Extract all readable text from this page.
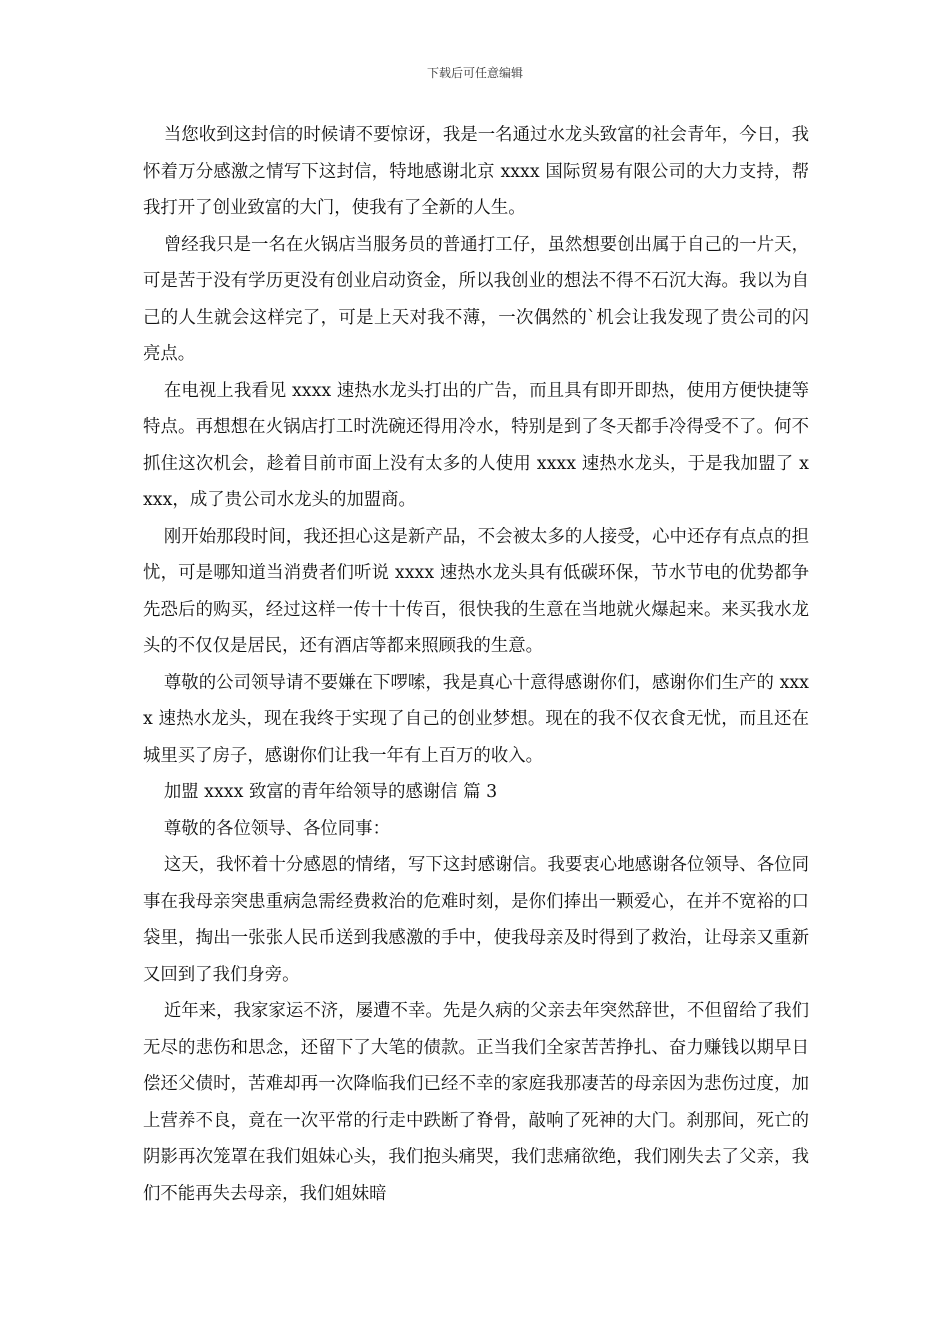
下载后可任意编辑

当您收到这封信的时候请不要惊讶，我是一名通过水龙头致富的社会青年，今日，我怀着万分感激之情写下这封信，特地感谢北京 xxxx 国际贸易有限公司的大力支持，帮我打开了创业致富的大门，使我有了全新的人生。

曾经我只是一名在火锅店当服务员的普通打工仔，虽然想要创出属于自己的一片天，可是苦于没有学历更没有创业启动资金，所以我创业的想法不得不石沉大海。我以为自己的人生就会这样完了，可是上天对我不薄，一次偶然的`机会让我发现了贵公司的闪亮点。

在电视上我看见 xxxx 速热水龙头打出的广告，而且具有即开即热，使用方便快捷等特点。再想想在火锅店打工时洗碗还得用冷水，特别是到了冬天都手冷得受不了。何不抓住这次机会，趁着目前市面上没有太多的人使用 xxxx 速热水龙头，于是我加盟了 xxxx，成了贵公司水龙头的加盟商。

刚开始那段时间，我还担心这是新产品，不会被太多的人接受，心中还存有点点的担忧，可是哪知道当消费者们听说 xxxx 速热水龙头具有低碳环保，节水节电的优势都争先恐后的购买，经过这样一传十十传百，很快我的生意在当地就火爆起来。来买我水龙头的不仅仅是居民，还有酒店等都来照顾我的生意。

尊敬的公司领导请不要嫌在下啰嗦，我是真心十意得感谢你们，感谢你们生产的 xxxx 速热水龙头，现在我终于实现了自己的创业梦想。现在的我不仅衣食无忧，而且还在城里买了房子，感谢你们让我一年有上百万的收入。

加盟 xxxx 致富的青年给领导的感谢信 篇 3

尊敬的各位领导、各位同事：

这天，我怀着十分感恩的情绪，写下这封感谢信。我要衷心地感谢各位领导、各位同事在我母亲突患重病急需经费救治的危难时刻，是你们捧出一颗爱心，在并不宽裕的口袋里，掏出一张张人民币送到我感激的手中，使我母亲及时得到了救治，让母亲又重新又回到了我们身旁。

近年来，我家家运不济，屡遭不幸。先是久病的父亲去年突然辞世，不但留给了我们无尽的悲伤和思念，还留下了大笔的债款。正当我们全家苦苦挣扎、奋力赚钱以期早日偿还父债时，苦难却再一次降临我们已经不幸的家庭我那凄苦的母亲因为悲伤过度，加上营养不良，竟在一次平常的行走中跌断了脊骨，敲响了死神的大门。刹那间，死亡的阴影再次笼罩在我们姐妹心头，我们抱头痛哭，我们悲痛欲绝，我们刚失去了父亲，我们不能再失去母亲，我们姐妹暗
